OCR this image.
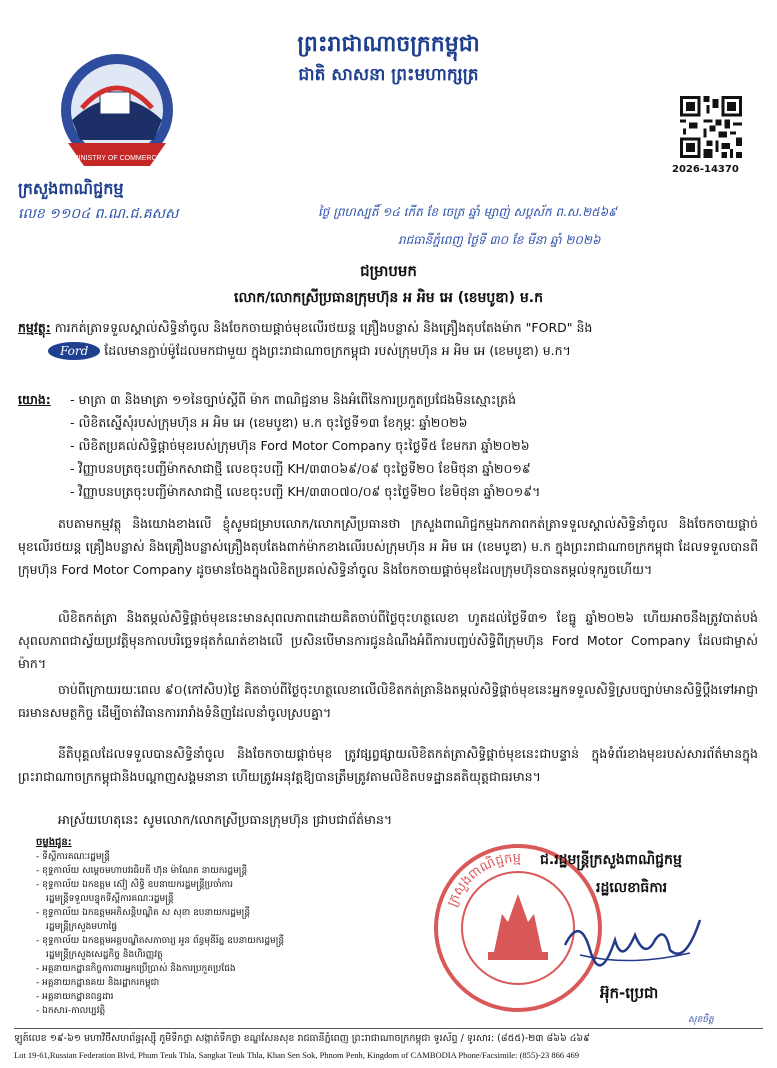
ព្រះរាជាណាចក្រកម្ពុជា
ជាតិ សាសនា ព្រះមហាក្សត្រ
MINISTRY OF COMMERCE
ក្រសួងពាណិជ្ជកម្ម
2026-14370
លេខ ១១០៤ ព.ណ.ជ.គសស	ថ្ងៃ ព្រហស្បតិ៍ ១៤ កើត ខែ ចេត្រ ឆ្នាំ ម្សាញ់ សប្តស័ក ព.ស.២៥៦៩
រាជធានីភ្នំពេញ ថ្ងៃទី ៣០ ខែ មីនា ឆ្នាំ ២០២៦
ជម្រាបមក
លោក/លោកស្រីប្រធានក្រុមហ៊ុន អ អិម អេ (ខេមបូឌា) ម.ក
កម្មវត្ថុ: ការកត់ត្រាទទួលស្គាល់សិទ្ធិនាំចូល និងចែកចាយផ្តាច់មុខលើរថយន្ត គ្រឿងបន្លាស់ និងគ្រឿងតុបតែងម៉ាក "FORD" និង
Ford ដែលមានភ្ជាប់ម៉ូដែលមកជាមួយ ក្នុងព្រះរាជាណាចក្រកម្ពុជា របស់ក្រុមហ៊ុន អ អិម អេ (ខេមបូឌា) ម.ក។
យោង:	- មាត្រា ៣ និងមាត្រា ១១នៃច្បាប់ស្តីពី ម៉ាក ពាណិជ្ជនាម និងអំពើនៃការប្រកួតប្រជែងមិនស្មោះត្រង់
- លិខិតស្នើសុំរបស់ក្រុមហ៊ុន អ អិម អេ (ខេមបូឌា) ម.ក ចុះថ្ងៃទី១៣ ខែកុម្ភៈ ឆ្នាំ២០២៦
- លិខិតប្រគល់សិទ្ធិផ្តាច់មុខរបស់ក្រុមហ៊ុន Ford Motor Company ចុះថ្ងៃទី៥ ខែមករា ឆ្នាំ២០២៦
- វិញ្ញាបនបត្រចុះបញ្ជីម៉ាកសាជាថ្មី លេខចុះបញ្ជី KH/៣៣០៦៩/០៩ ចុះថ្ងៃទី២០ ខែមិថុនា ឆ្នាំ២០១៩
- វិញ្ញាបនបត្រចុះបញ្ជីម៉ាកសាជាថ្មី លេខចុះបញ្ជី KH/៣៣០៧០/០៩ ចុះថ្ងៃទី២០ ខែមិថុនា ឆ្នាំ២០១៩។

តបតាមកម្មវត្ថុ និងយោងខាងលើ ខ្ញុំសូមជម្រាបលោក/លោកស្រីប្រធានថា ក្រសួងពាណិជ្ជកម្មឯកភាពកត់ត្រាទទួលស្គាល់សិទ្ធិនាំចូល និងចែកចាយផ្តាច់មុខលើរថយន្ត គ្រឿងបន្លាស់ និងគ្រឿងបន្លាស់គ្រឿងតុបតែងពាក់ម៉ាកខាងលើរបស់ក្រុមហ៊ុន អ អិម អេ (ខេមបូឌា) ម.ក ក្នុងព្រះរាជាណាចក្រកម្ពុជា ដែលទទួលបានពីក្រុមហ៊ុន Ford Motor Company ដូចមានចែងក្នុងលិខិតប្រគល់សិទ្ធិនាំចូល និងចែកចាយផ្តាច់មុខដែលក្រុមហ៊ុនបានតម្កល់ទុករួចហើយ។

លិខិតកត់ត្រា និងតម្កល់សិទ្ធិផ្តាច់មុខនេះមានសុពលភាពដោយគិតចាប់ពីថ្ងៃចុះហត្ថលេខា ហូតដល់ថ្ងៃទី៣១ ខែធ្នូ ឆ្នាំ២០២៦ ហើយអាចនឹងត្រូវបាត់បង់សុពលភាពជាស្វ័យប្រវត្តិមុនកាលបរិច្ឆេទផុតកំណត់ខាងលើ ប្រសិនបើមានការជូនដំណឹងអំពីការបញ្ចប់សិទ្ធិពីក្រុមហ៊ុន Ford Motor Company ដែលជាម្ចាស់ម៉ាក។

ចាប់ពីក្រោយរយៈពេល ៩០(កៅសិប)ថ្ងៃ គិតចាប់ពីថ្ងៃចុះហត្ថលេខាលើលិខិតកត់ត្រានិងតម្កល់សិទ្ធិផ្តាច់មុខនេះអ្នកទទួលសិទ្ធិស្របច្បាប់មានសិទ្ធិប្តឹងទៅអាជ្ញាធរមានសមត្ថកិច្ច ដើម្បីចាត់វិធានការរារាំងទំនិញដែលនាំចូលស្របគ្នា។

នីតិបុគ្គលដែលទទួលបានសិទ្ធិនាំចូល និងចែកចាយផ្តាច់មុខ ត្រូវផ្សព្វផ្សាយលិខិតកត់ត្រាសិទ្ធិផ្តាច់មុខនេះជាបន្ទាន់ ក្នុងទំព័រខាងមុខរបស់សារព័ត៌មានក្នុងព្រះរាជាណាចក្រកម្ពុជានិងបណ្តាញសង្គមនានា ហើយត្រូវអនុវត្តឱ្យបានត្រឹមត្រូវតាមលិខិតបទដ្ឋានគតិយុត្តជាធរមាន។

អាស្រ័យហេតុនេះ សូមលោក/លោកស្រីប្រធានក្រុមហ៊ុន ជ្រាបជាព័ត៌មាន។

ចម្លងជូន:
- ទីស្តីការគណៈរដ្ឋមន្ត្រី
- ខុទ្ទកាល័យ សម្តេចមហាបវរធិបតី ហ៊ុន ម៉ាណែត នាយករដ្ឋមន្ត្រី
- ខុទ្ទកាល័យ ឯកឧត្តម ស៊ៀ សិទ្ធិ ឧបនាយករដ្ឋមន្ត្រីប្រចាំការ
រដ្ឋមន្ត្រីទទួលបន្ទុកទីស្តីការគណៈរដ្ឋមន្ត្រី
- ខុទ្ទកាល័យ ឯកឧត្តមអភិសន្តិបណ្ឌិត ស សុខា ឧបនាយករដ្ឋមន្ត្រី
រដ្ឋមន្ត្រីក្រសួងមហាផ្ទៃ
- ខុទ្ទកាល័យ ឯកឧត្តមអគ្គបណ្ឌិតសភាចារ្យ អូន ព័ន្ធមុនីរ័ត្ន ឧបនាយករដ្ឋមន្ត្រី
រដ្ឋមន្ត្រីក្រសួងសេដ្ឋកិច្ច និងហិរញ្ញវត្ថុ
- អគ្គនាយកដ្ឋានកិច្ចការពារអ្នកប្រើប្រាស់ និងការប្រកួតប្រជែង
- អគ្គនាយកដ្ឋានគយ និងរដ្ឋាករកម្ពុជា
- អគ្គនាយកដ្ឋានពន្ធដារ
- ឯកសារ-កាលប្បវត្តិ
ក្រសួងពាណិជ្ជកម្ម ជ.រដ្ឋមន្ត្រីក្រសួងពាណិជ្ជកម្ម
រដ្ឋលេខាធិការ
អ៊ុក-ប្រេជា
សុខចិត្ត
ឡូត៍លេខ ១៩-៦១ មហាវិថីសហព័ន្ធរុស្ស៊ី ភូមិទឹកថ្លា សង្កាត់ទឹកថ្លា ខណ្ឌសែនសុខ រាជធានីភ្នំពេញ ព្រះរាជាណាចក្រកម្ពុជា ទូរស័ព្ទ / ទូរសារ: (៨៥៥)-២៣ ៨៦៦ ៤៦៩
Lot 19-61,Russian Federation Blvd, Phum Teuk Thla, Sangkat Teuk Thla, Khan Sen Sok, Phnom Penh, Kingdom of CAMBODIA Phone/Facsimile: (855)-23 866 469
